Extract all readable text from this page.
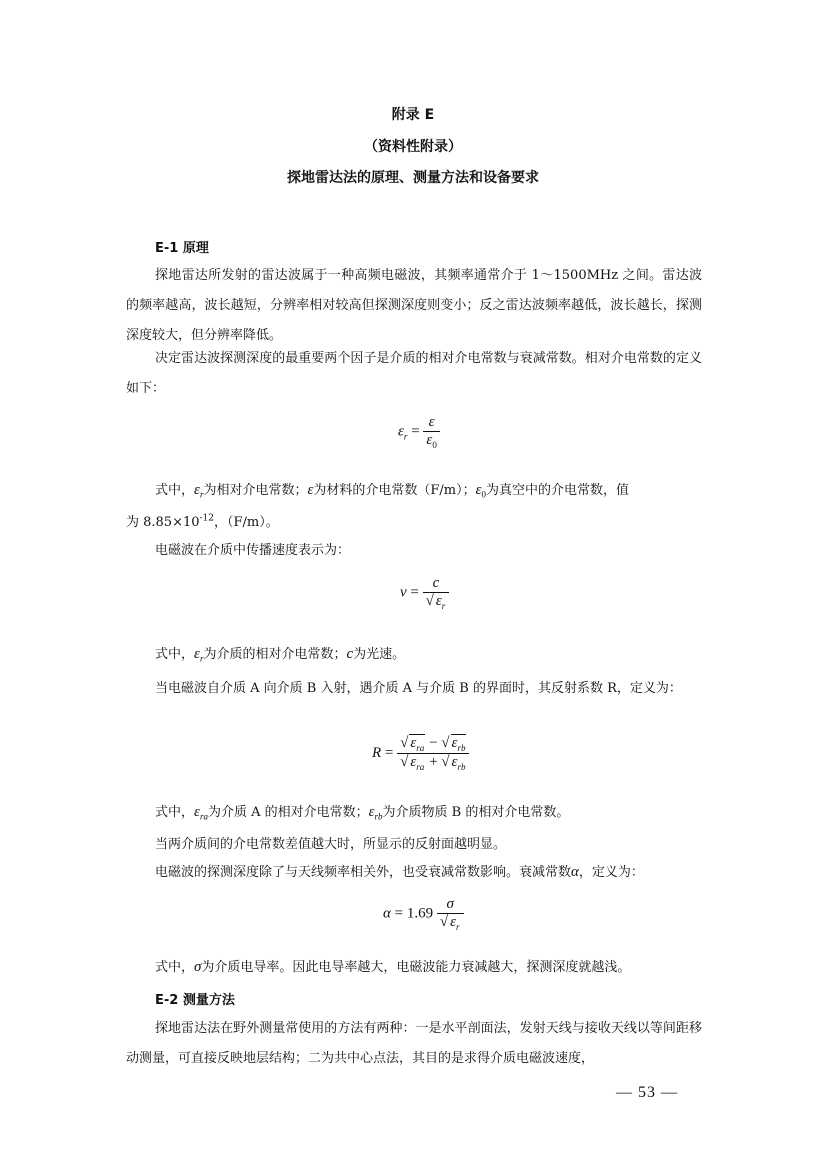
附录 E
（资料性附录）
探地雷达法的原理、测量方法和设备要求
E-1 原理
探地雷达所发射的雷达波属于一种高频电磁波，其频率通常介于 1～1500MHz 之间。雷达波的频率越高，波长越短，分辨率相对较高但探测深度则变小；反之雷达波频率越低，波长越长，探测深度较大，但分辨率降低。
决定雷达波探测深度的最重要两个因子是介质的相对介电常数与衰减常数。相对介电常数的定义如下：
$\varepsilon_r = \frac{\varepsilon}{\varepsilon_0}$
式中，$\varepsilon_r$为相对介电常数；ε为材料的介电常数（F/m）；$\varepsilon_0$为真空中的介电常数，值
为 $8.85\times 10^{-12}$，（F/m）。
电磁波在介质中传播速度表示为：
$v = \frac{c}{√ \varepsilon_r}$
式中，$\varepsilon_r$为介质的相对介电常数；c为光速。
当电磁波自介质 A 向介质 B 入射，遇介质 A 与介质 B 的界面时，其反射系数 R，定义为：
$R = \frac{√ \varepsilon_{ra} - √ \varepsilon_{rb}}{√ \varepsilon_{ra} + √ \varepsilon_{rb}}$
式中，$\varepsilon_{ra}$为介质 A 的相对介电常数；$\varepsilon_{rb}$为介质物质 B 的相对介电常数。
当两介质间的介电常数差值越大时，所显示的反射面越明显。
电磁波的探测深度除了与天线频率相关外，也受衰减常数影响。衰减常数α，定义为：
$\alpha = 1.69 \frac{\sigma}{√ \varepsilon_r}$
式中，σ为介质电导率。因此电导率越大，电磁波能力衰减越大，探测深度就越浅。
E-2 测量方法
探地雷达法在野外测量常使用的方法有两种：一是水平剖面法，发射天线与接收天线以等间距移动测量，可直接反映地层结构；二为共中心点法，其目的是求得介质电磁波速度，
— 53 —
